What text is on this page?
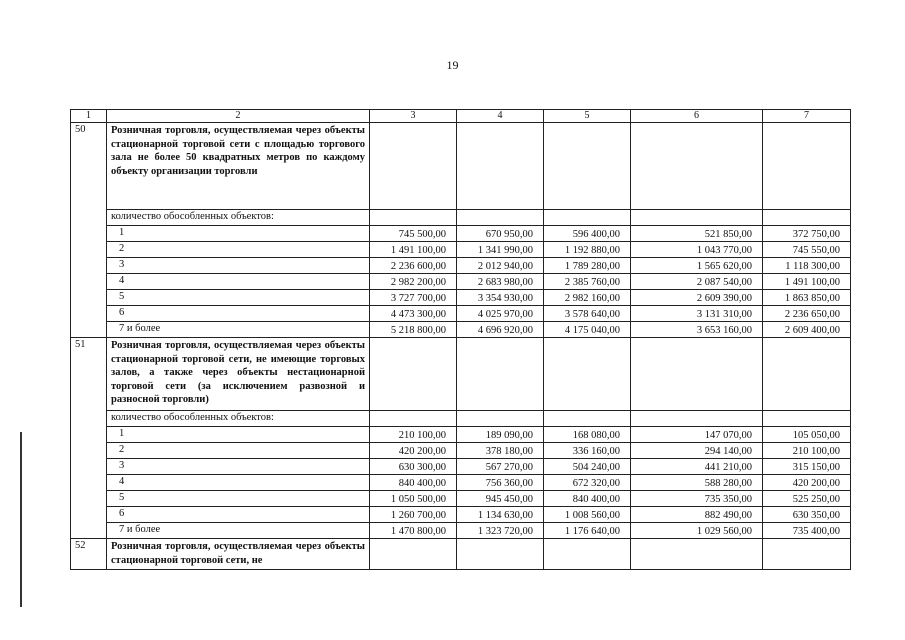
19
1	2	3	4	5	6	7
50	Розничная торговля, осуществляемая через объекты стационарной торговой сети с площадью торгового зала не более 50 квадратных метров по каждому объекту организации торговли					
	количество обособленных объектов:					
	1	745 500,00	670 950,00	596 400,00	521 850,00	372 750,00
	2	1 491 100,00	1 341 990,00	1 192 880,00	1 043 770,00	745 550,00
	3	2 236 600,00	2 012 940,00	1 789 280,00	1 565 620,00	1 118 300,00
	4	2 982 200,00	2 683 980,00	2 385 760,00	2 087 540,00	1 491 100,00
	5	3 727 700,00	3 354 930,00	2 982 160,00	2 609 390,00	1 863 850,00
	6	4 473 300,00	4 025 970,00	3 578 640,00	3 131 310,00	2 236 650,00
	7 и более	5 218 800,00	4 696 920,00	4 175 040,00	3 653 160,00	2 609 400,00
51	Розничная торговля, осуществляемая через объекты стационарной торговой сети, не имеющие торговых залов, а также через объекты нестационарной торговой сети (за исключением развозной и разносной торговли)					
	количество обособленных объектов:					
	1	210 100,00	189 090,00	168 080,00	147 070,00	105 050,00
	2	420 200,00	378 180,00	336 160,00	294 140,00	210 100,00
	3	630 300,00	567 270,00	504 240,00	441 210,00	315 150,00
	4	840 400,00	756 360,00	672 320,00	588 280,00	420 200,00
	5	1 050 500,00	945 450,00	840 400,00	735 350,00	525 250,00
	6	1 260 700,00	1 134 630,00	1 008 560,00	882 490,00	630 350,00
	7 и более	1 470 800,00	1 323 720,00	1 176 640,00	1 029 560,00	735 400,00
52	Розничная торговля, осуществляемая через объекты стационарной торговой сети, не					
